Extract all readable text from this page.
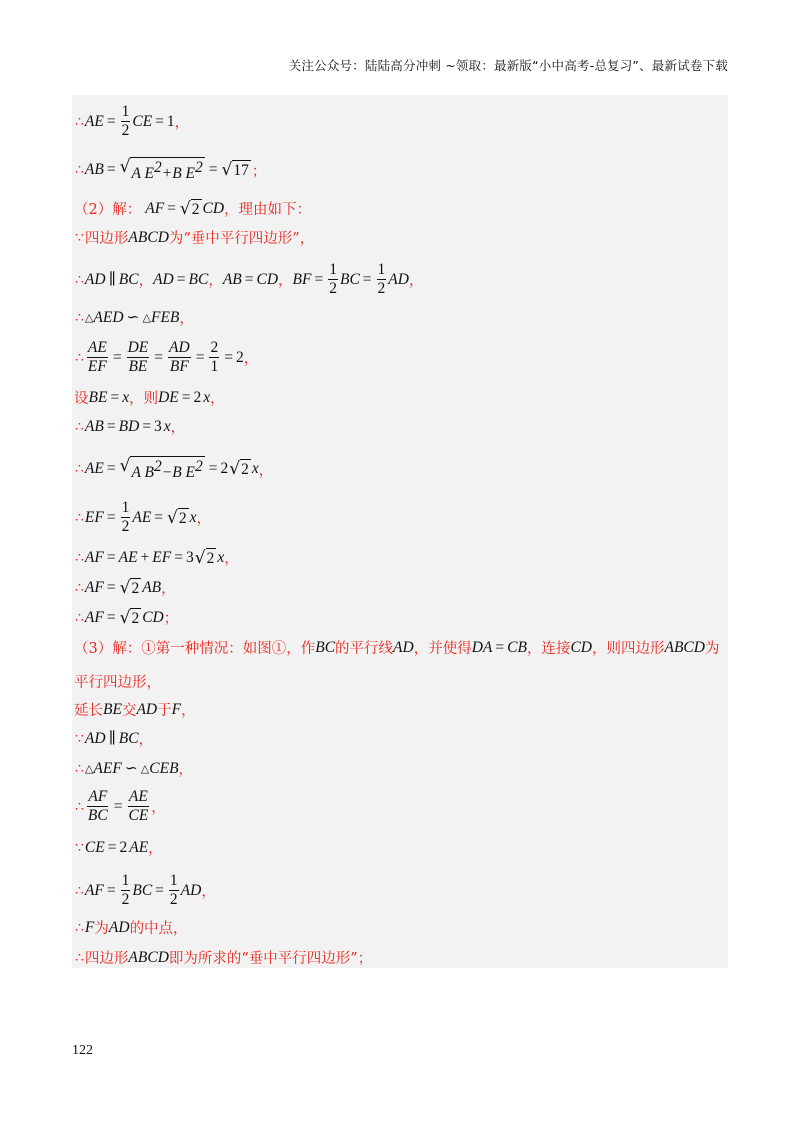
关注公众号：陆陆高分冲刺 ~领取：最新版“小中高考-总复习”、最新试卷下载
∴ AE = $\frac{1}{2}$ CE = 1 ，
∴ AB = √ A $E^2+B$ $E^2$ = √ 17 ；
（2）解： AF = √ 2 CD ，理由如下：
∵ 四边形 ABCD 为“垂中平行四边形”，
∴ AD ∥ BC ， AD = BC ， AB = CD ， BF = $\frac{1}{2}$ BC = $\frac{1}{2}$ AD ，
∴ △ AED ∽ △ FEB ，
∴ $\frac{AE}{EF} = \frac{DE}{BE} = \frac{AD}{BF} = \frac{2}{1} = 2$ ，
设 BE = x ，则 DE = 2 x ，
∴ AB = BD = 3 x ，
∴ AE = √ A $B^2-B$ $E^2 = 2$ √ 2 x ，
∴ EF = $\frac{1}{2}$ AE = √ 2 x ，
∴ AF = AE + EF = 3 √ 2 x ，
∴ AF = √ 2 AB ，
∴ AF = √ 2 CD ；
（3）解：①第一种情况：如图①，作 BC 的平行线 AD ，并使得 DA = CB ，连接 CD ，则四边形 ABCD 为
平行四边形，
延长 BE 交 AD 于 F ，
∵ AD ∥ BC ，
∴ △ AEF ∽ △ CEB ，
∴ $\frac{AF}{BC} = \frac{AE}{CE}$ ，
∵ CE = 2 AE ，
∴ AF = $\frac{1}{2}$ BC = $\frac{1}{2}$ AD ，
∴ F 为 AD 的中点，
∴ 四边形 ABCD 即为所求的“垂中平行四边形”；
122
